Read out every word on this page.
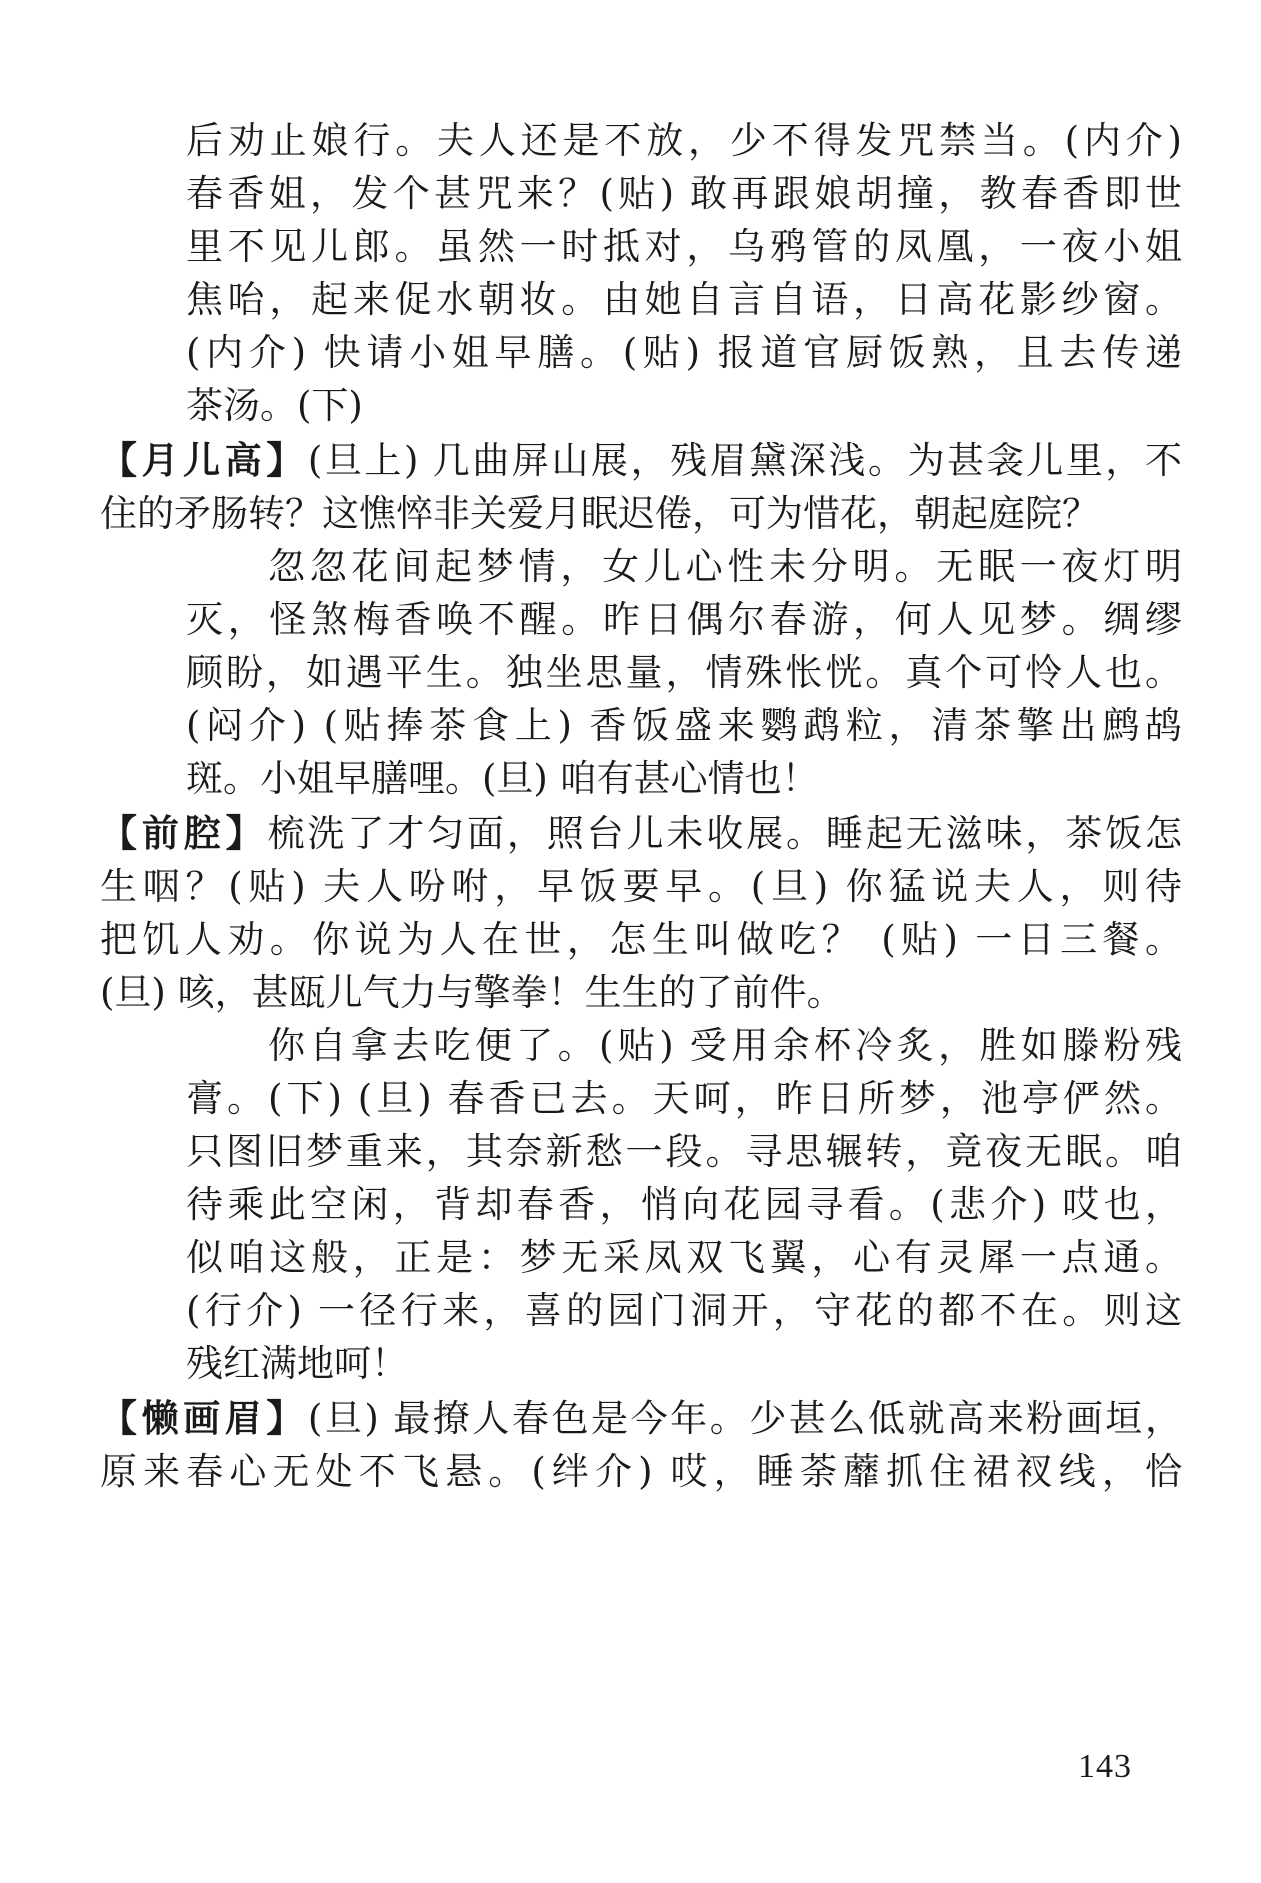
后劝止娘行。夫人还是不放，少不得发咒禁当。(内介)

春香姐，发个甚咒来？(贴) 敢再跟娘胡撞，教春香即世

里不见儿郎。虽然一时抵对，乌鸦管的凤凰，一夜小姐

焦咍，起来促水朝妆。由她自言自语，日高花影纱窗。

(内介) 快请小姐早膳。(贴) 报道官厨饭熟，且去传递

茶汤。(下)

【月儿高】(旦上) 几曲屏山展，残眉黛深浅。为甚衾儿里，不

住的矛肠转？这憔悴非关爱月眠迟倦，可为惜花，朝起庭院？

忽忽花间起梦情，女儿心性未分明。无眠一夜灯明

灭，怪煞梅香唤不醒。昨日偶尔春游，何人见梦。绸缪

顾盼，如遇平生。独坐思量，情殊怅恍。真个可怜人也。

(闷介) (贴捧茶食上) 香饭盛来鹦鹉粒，清茶擎出鹧鸪

斑。小姐早膳哩。(旦) 咱有甚心情也！

【前腔】梳洗了才匀面，照台儿未收展。睡起无滋味，茶饭怎

生咽？(贴) 夫人吩咐，早饭要早。(旦) 你猛说夫人，则待

把饥人劝。你说为人在世，怎生叫做吃？ (贴) 一日三餐。

(旦) 咳，甚瓯儿气力与擎拳！生生的了前件。

你自拿去吃便了。(贴) 受用余杯冷炙，胜如滕粉残

膏。(下) (旦) 春香已去。天呵，昨日所梦，池亭俨然。

只图旧梦重来，其奈新愁一段。寻思辗转，竟夜无眠。咱

待乘此空闲，背却春香，悄向花园寻看。(悲介) 哎也，

似咱这般，正是：梦无采凤双飞翼，心有灵犀一点通。

(行介) 一径行来，喜的园门洞开，守花的都不在。则这

残红满地呵！

【懒画眉】(旦) 最撩人春色是今年。少甚么低就高来粉画垣，

原来春心无处不飞悬。(绊介) 哎，睡荼蘼抓住裙衩线，恰

143
